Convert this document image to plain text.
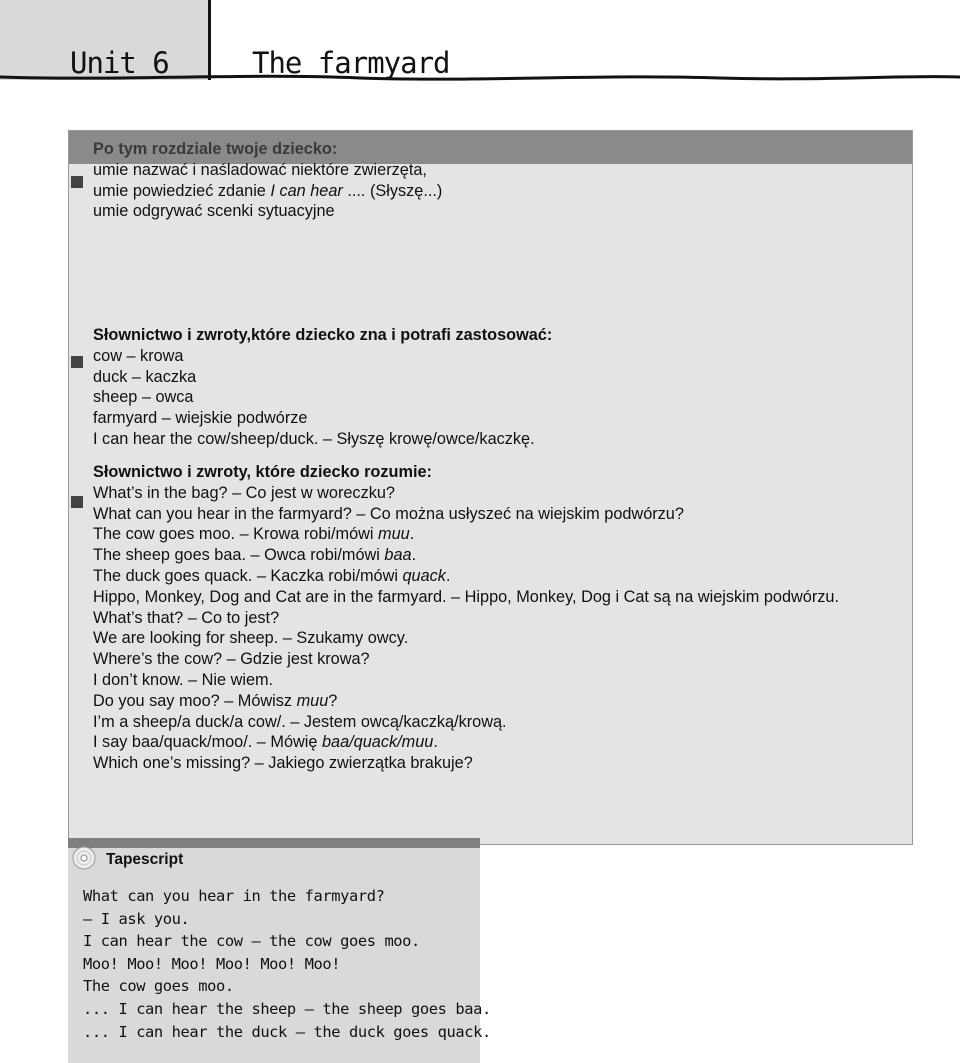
Unit 6	The farmyard
Po tym rozdziale twoje dziecko:
umie nazwać i naśladować niektóre zwierzęta,
umie powiedzieć zdanie I can hear .... (Słyszę...)
umie odgrywać scenki sytuacyjne
Słownictwo i zwroty,które dziecko zna i potrafi zastosować:
cow – krowa
duck – kaczka
sheep – owca
farmyard – wiejskie podwórze
I can hear the cow/sheep/duck. – Słyszę krowę/owce/kaczkę.
Słownictwo i zwroty, które dziecko rozumie:
What’s in the bag? – Co jest w woreczku?
What can you hear in the farmyard? – Co można usłyszeć na wiejskim podwórzu?
The cow goes moo. – Krowa robi/mówi muu.
The sheep goes baa. – Owca robi/mówi baa.
The duck goes quack. – Kaczka robi/mówi quack.
Hippo, Monkey, Dog and Cat are in the farmyard. – Hippo, Monkey, Dog i Cat są na wiejskim podwórzu.
What’s that? – Co to jest?
We are looking for sheep. – Szukamy owcy.
Where’s the cow? – Gdzie jest krowa?
I don’t know. – Nie wiem.
Do you say moo? – Mówisz muu?
I’m a sheep/a duck/a cow/. – Jestem owcą/kaczką/krową.
I say baa/quack/moo/. – Mówię baa/quack/muu.
Which one’s missing? – Jakiego zwierzątka brakuje?
Tapescript
What can you hear in the farmyard?
– I ask you.
I can hear the cow – the cow goes moo.
Moo! Moo! Moo! Moo! Moo! Moo!
The cow goes moo.
... I can hear the sheep – the sheep goes baa.
... I can hear the duck – the duck goes quack.
